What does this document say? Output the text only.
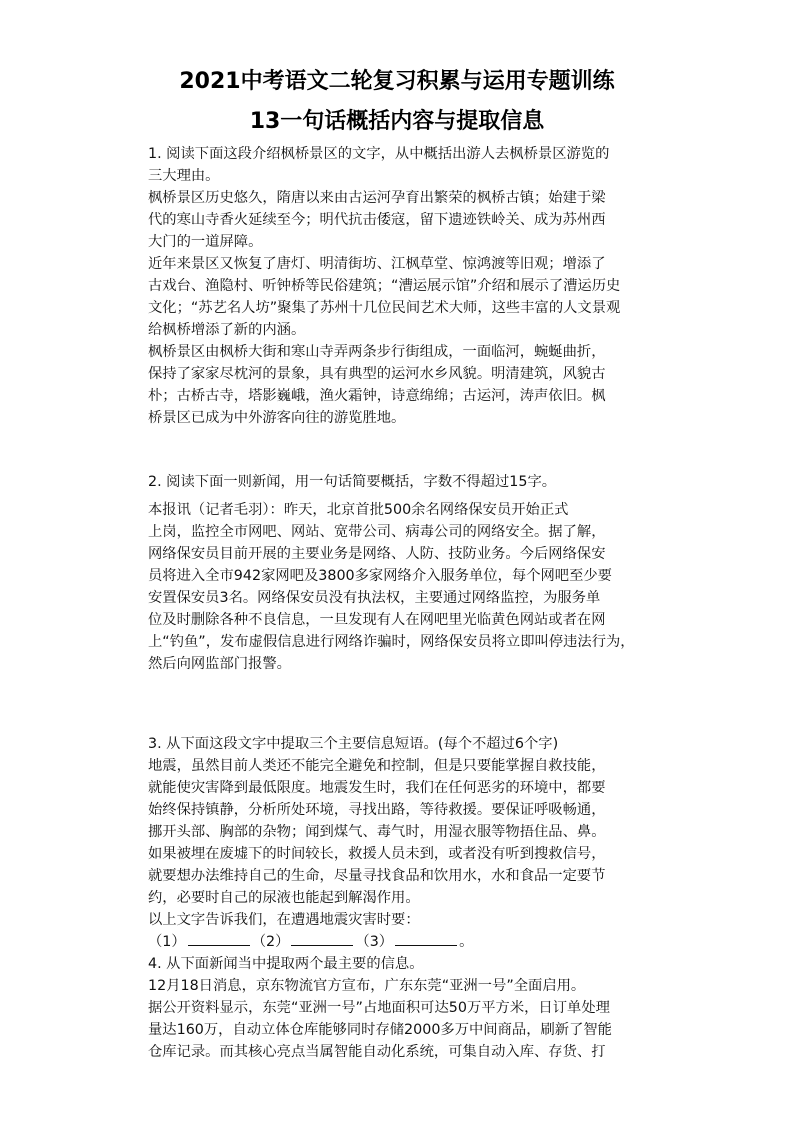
2021中考语文二轮复习积累与运用专题训练
13一句话概括内容与提取信息
1. 阅读下面这段介绍枫桥景区的文字，从中概括出游人去枫桥景区游览的
三大理由。
枫桥景区历史悠久，隋唐以来由古运河孕育出繁荣的枫桥古镇；始建于梁
代的寒山寺香火延续至今；明代抗击倭寇，留下遗迹铁岭关、成为苏州西
大门的一道屏障。
近年来景区又恢复了唐灯、明清街坊、江枫草堂、惊鸿渡等旧观；增添了
古戏台、渔隐村、听钟桥等民俗建筑；“漕运展示馆”介绍和展示了漕运历史
文化；“苏艺名人坊”聚集了苏州十几位民间艺术大师，这些丰富的人文景观
给枫桥增添了新的内涵。
枫桥景区由枫桥大街和寒山寺弄两条步行街组成，一面临河，蜿蜒曲折，
保持了家家尽枕河的景象，具有典型的运河水乡风貌。明清建筑，风貌古
朴；古桥古寺，塔影巍峨，渔火霜钟，诗意绵绵；古运河，涛声依旧。枫
桥景区已成为中外游客向往的游览胜地。
2. 阅读下面一则新闻，用一句话简要概括，字数不得超过15字。
本报讯（记者毛羽）：昨天，北京首批500余名网络保安员开始正式
上岗，监控全市网吧、网站、宽带公司、病毒公司的网络安全。据了解，
网络保安员目前开展的主要业务是网络、人防、技防业务。今后网络保安
员将进入全市942家网吧及3800多家网络介入服务单位，每个网吧至少要
安置保安员3名。网络保安员没有执法权，主要通过网络监控，为服务单
位及时删除各种不良信息，一旦发现有人在网吧里光临黄色网站或者在网
上“钓鱼”，发布虚假信息进行网络诈骗时，网络保安员将立即叫停违法行为，
然后向网监部门报警。
3. 从下面这段文字中提取三个主要信息短语。(每个不超过6个字)
地震，虽然目前人类还不能完全避免和控制，但是只要能掌握自救技能，
就能使灾害降到最低限度。地震发生时，我们在任何恶劣的环境中，都要
始终保持镇静，分析所处环境，寻找出路，等待救援。要保证呼吸畅通，
挪开头部、胸部的杂物；闻到煤气、毒气时，用湿衣服等物捂住品、鼻。
如果被埋在废墟下的时间较长，救援人员未到，或者没有听到搜救信号，
就要想办法维持自己的生命，尽量寻找食品和饮用水，水和食品一定要节
约，必要时自己的尿液也能起到解渴作用。
以上文字告诉我们，在遭遇地震灾害时要：
（1）	（2）	（3）	。
4. 从下面新闻当中提取两个最主要的信息。
12月18日消息，京东物流官方宣布，广东东莞“亚洲一号”全面启用。
据公开资料显示，东莞“亚洲一号”占地面积可达50万平方米，日订单处理
量达160万，自动立体仓库能够同时存储2000多万中间商品，刷新了智能
仓库记录。而其核心亮点当属智能自动化系统，可集自动入库、存货、打
